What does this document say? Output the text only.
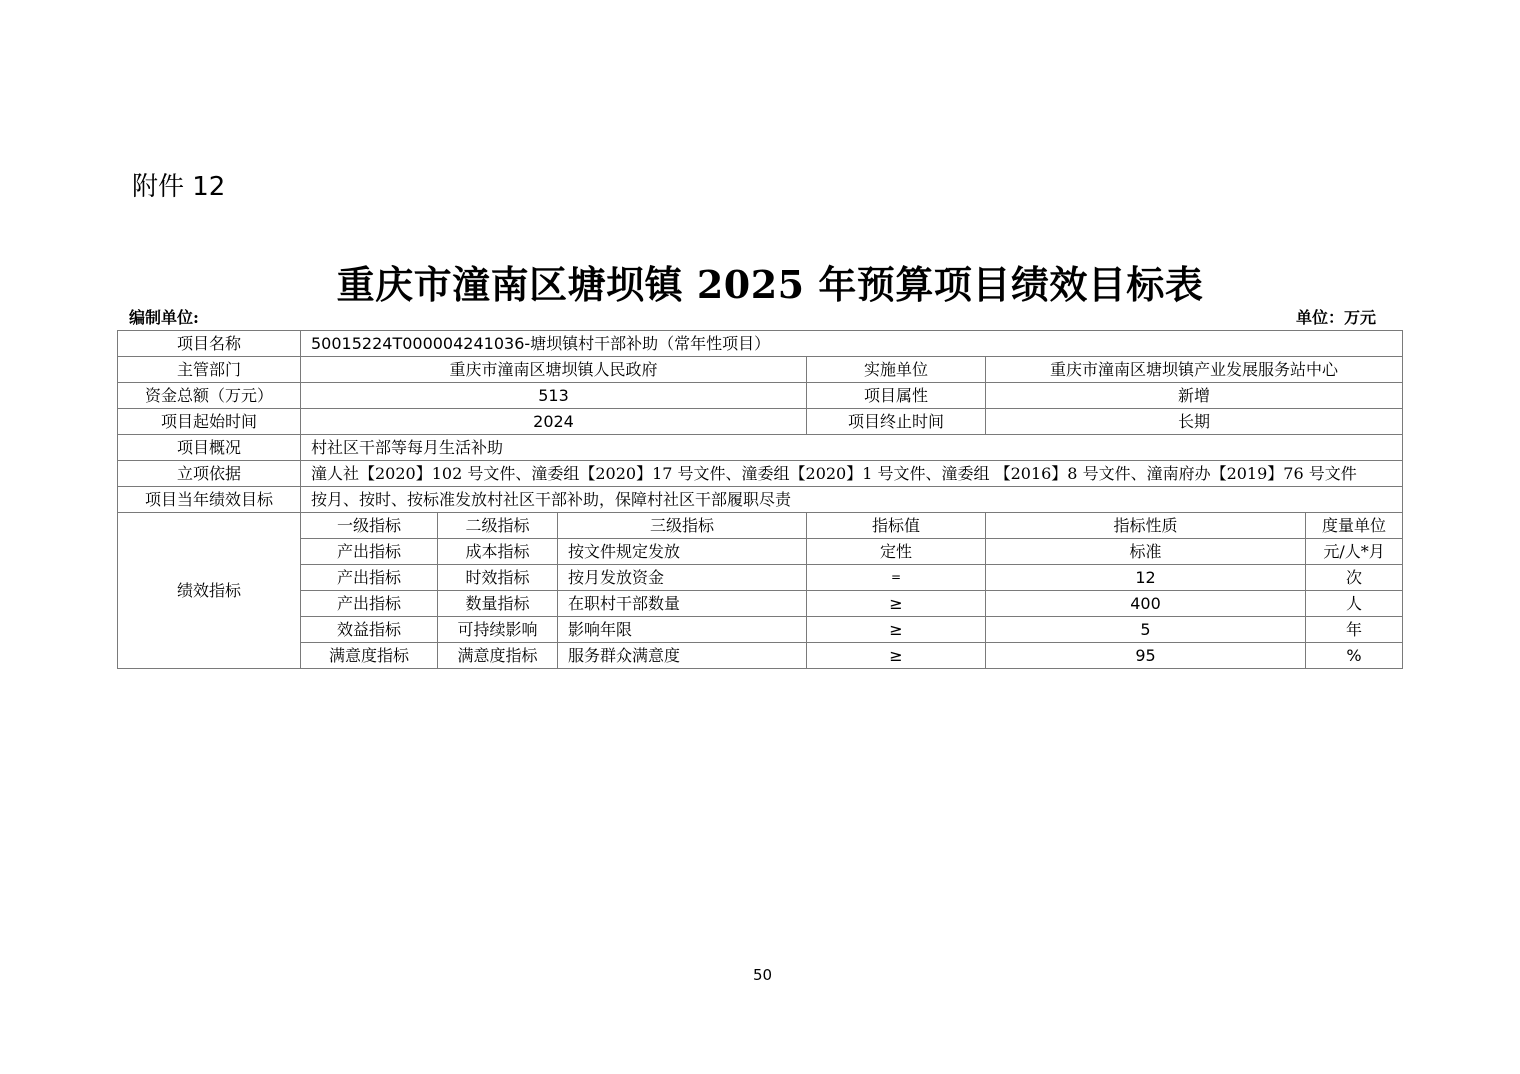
附件 12
重庆市潼南区塘坝镇 2025 年预算项目绩效目标表
编制单位:	单位：万元
项目名称	50015224T000004241036-塘坝镇村干部补助（常年性项目）					
主管部门	重庆市潼南区塘坝镇人民政府			实施单位	重庆市潼南区塘坝镇产业发展服务站中心	
资金总额（万元）	513			项目属性	新增	
项目起始时间	2024			项目终止时间	长期	
项目概况	村社区干部等每月生活补助					
立项依据	潼人社【2020】102 号文件、潼委组【2020】17 号文件、潼委组【2020】1 号文件、潼委组 【2016】8 号文件、潼南府办【2019】76 号文件					
项目当年绩效目标	按月、按时、按标准发放村社区干部补助，保障村社区干部履职尽责					
绩效指标	一级指标	二级指标	三级指标	指标值	指标性质	度量单位
	产出指标	成本指标	按文件规定发放	定性	标准	元/人*月
	产出指标	时效指标	按月发放资金	=	12	次
	产出指标	数量指标	在职村干部数量	≥	400	人
	效益指标	可持续影响	影响年限	≥	5	年
	满意度指标	满意度指标	服务群众满意度	≥	95	%
50
